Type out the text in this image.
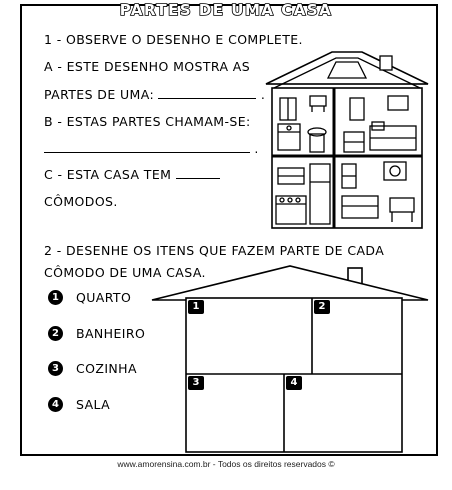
PARTES DE UMA CASA
1 - OBSERVE O DESENHO E COMPLETE.
A - ESTE DESENHO MOSTRA AS
PARTES DE UMA:	.
B - ESTAS PARTES CHAMAM-SE:
.
C - ESTA CASA TEM
CÔMODOS.
2 - DESENHE OS ITENS QUE FAZEM PARTE DE CADA
CÔMODO DE UMA CASA.
1	QUARTO
2	BANHEIRO
3	COZINHA
4	SALA
1	2
3	4
www.amorensina.com.br - Todos os direitos reservados ©
